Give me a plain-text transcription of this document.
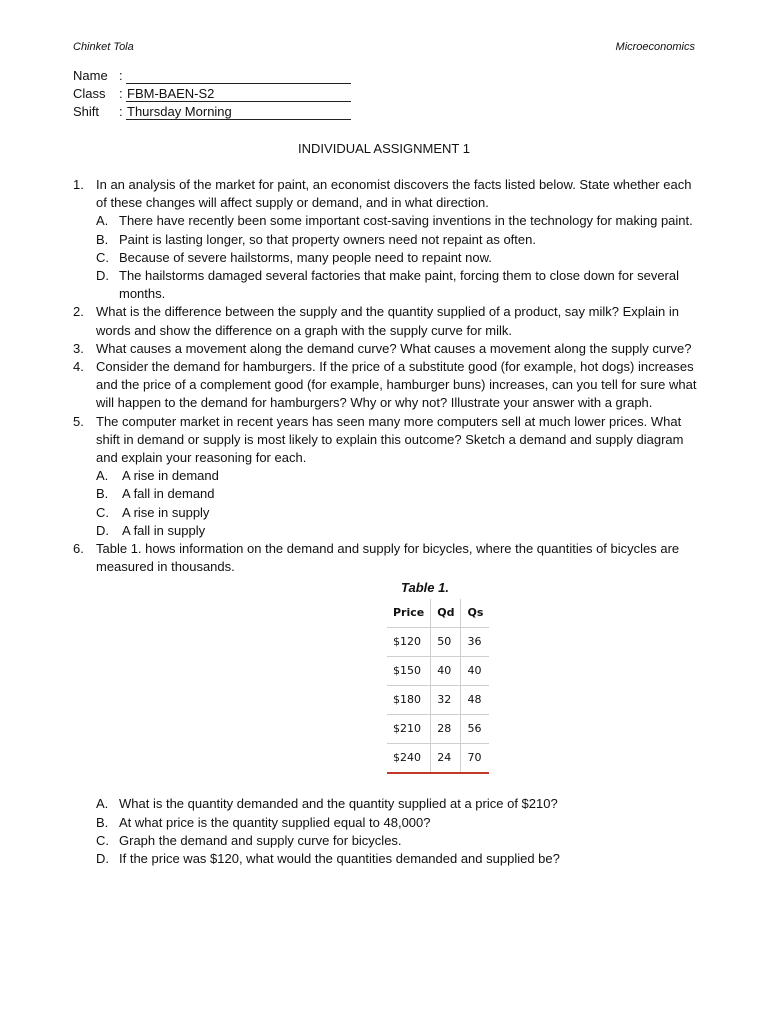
Chinket Tola	Microeconomics
Name :
Class	: FBM-BAEN-S2
Shift	: Thursday Morning
INDIVIDUAL ASSIGNMENT 1
1. In an analysis of the market for paint, an economist discovers the facts listed below. State whether each of these changes will affect supply or demand, and in what direction.
A. There have recently been some important cost-saving inventions in the technology for making paint.
B. Paint is lasting longer, so that property owners need not repaint as often.
C. Because of severe hailstorms, many people need to repaint now.
D. The hailstorms damaged several factories that make paint, forcing them to close down for several months.
2. What is the difference between the supply and the quantity supplied of a product, say milk? Explain in words and show the difference on a graph with the supply curve for milk.
3. What causes a movement along the demand curve? What causes a movement along the supply curve?
4. Consider the demand for hamburgers. If the price of a substitute good (for example, hot dogs) increases and the price of a complement good (for example, hamburger buns) increases, can you tell for sure what will happen to the demand for hamburgers? Why or why not? Illustrate your answer with a graph.
5. The computer market in recent years has seen many more computers sell at much lower prices. What shift in demand or supply is most likely to explain this outcome? Sketch a demand and supply diagram and explain your reasoning for each.
A.	A rise in demand
B.	A fall in demand
C.	A rise in supply
D.	A fall in supply
6. Table 1. hows information on the demand and supply for bicycles, where the quantities of bicycles are measured in thousands.
Table 1.
Price	Qd	Qs
$120	50	36
$150	40	40
$180	32	48
$210	28	56
$240	24	70
A. What is the quantity demanded and the quantity supplied at a price of $210?
B. At what price is the quantity supplied equal to 48,000?
C. Graph the demand and supply curve for bicycles.
D. If the price was $120, what would the quantities demanded and supplied be?
